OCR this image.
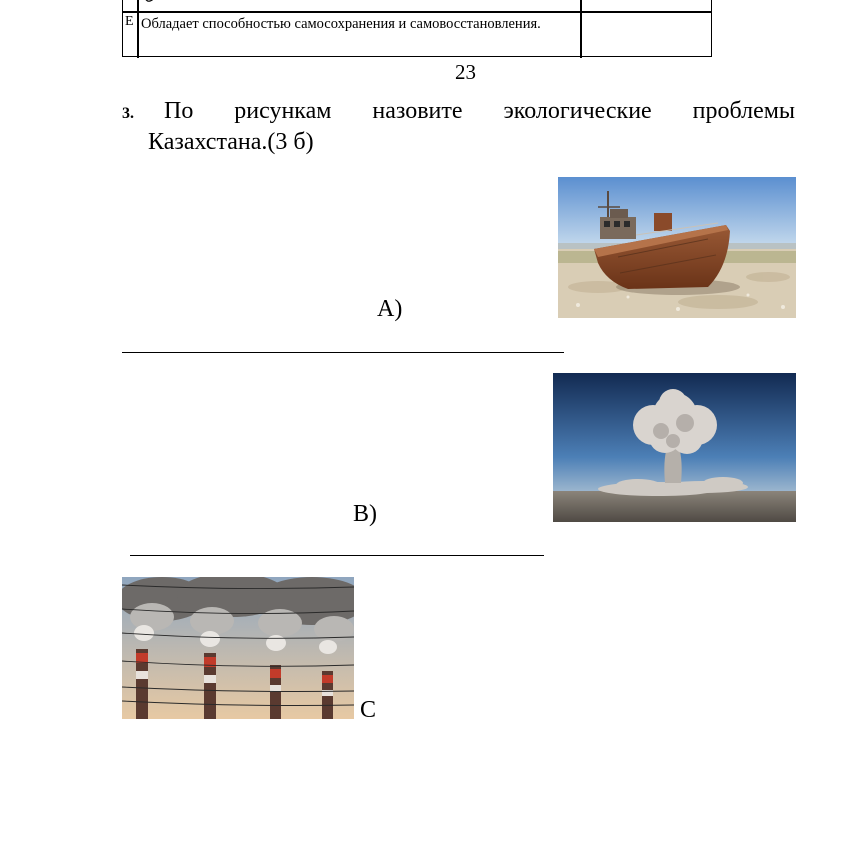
E Обладает способностью самосохранения и самовосстановления.
23
3. По рисункам назовите экологические проблемы
Казахстана.(3 б)
A)
B)
C
